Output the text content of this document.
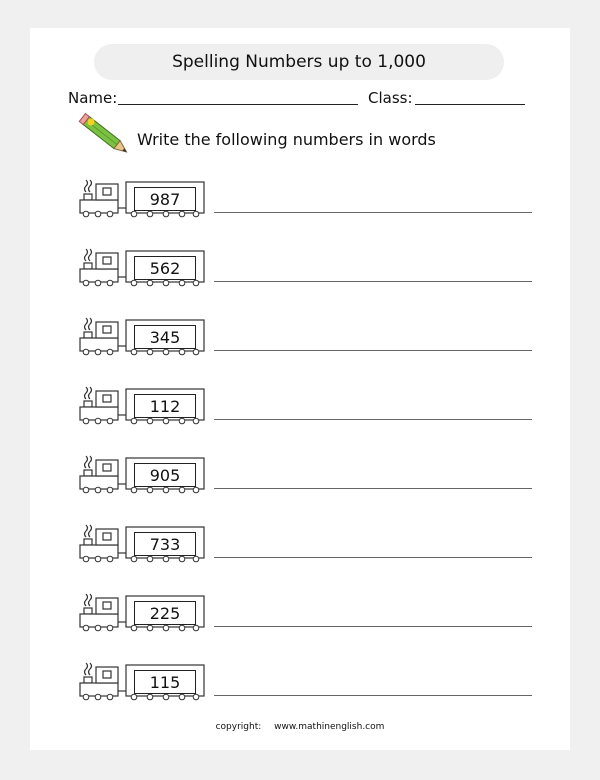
Spelling Numbers up to 1,000
Name:	Class:
Write the following numbers in words
987
562
345
112
905
733
225
115
copyright: www.mathinenglish.com
